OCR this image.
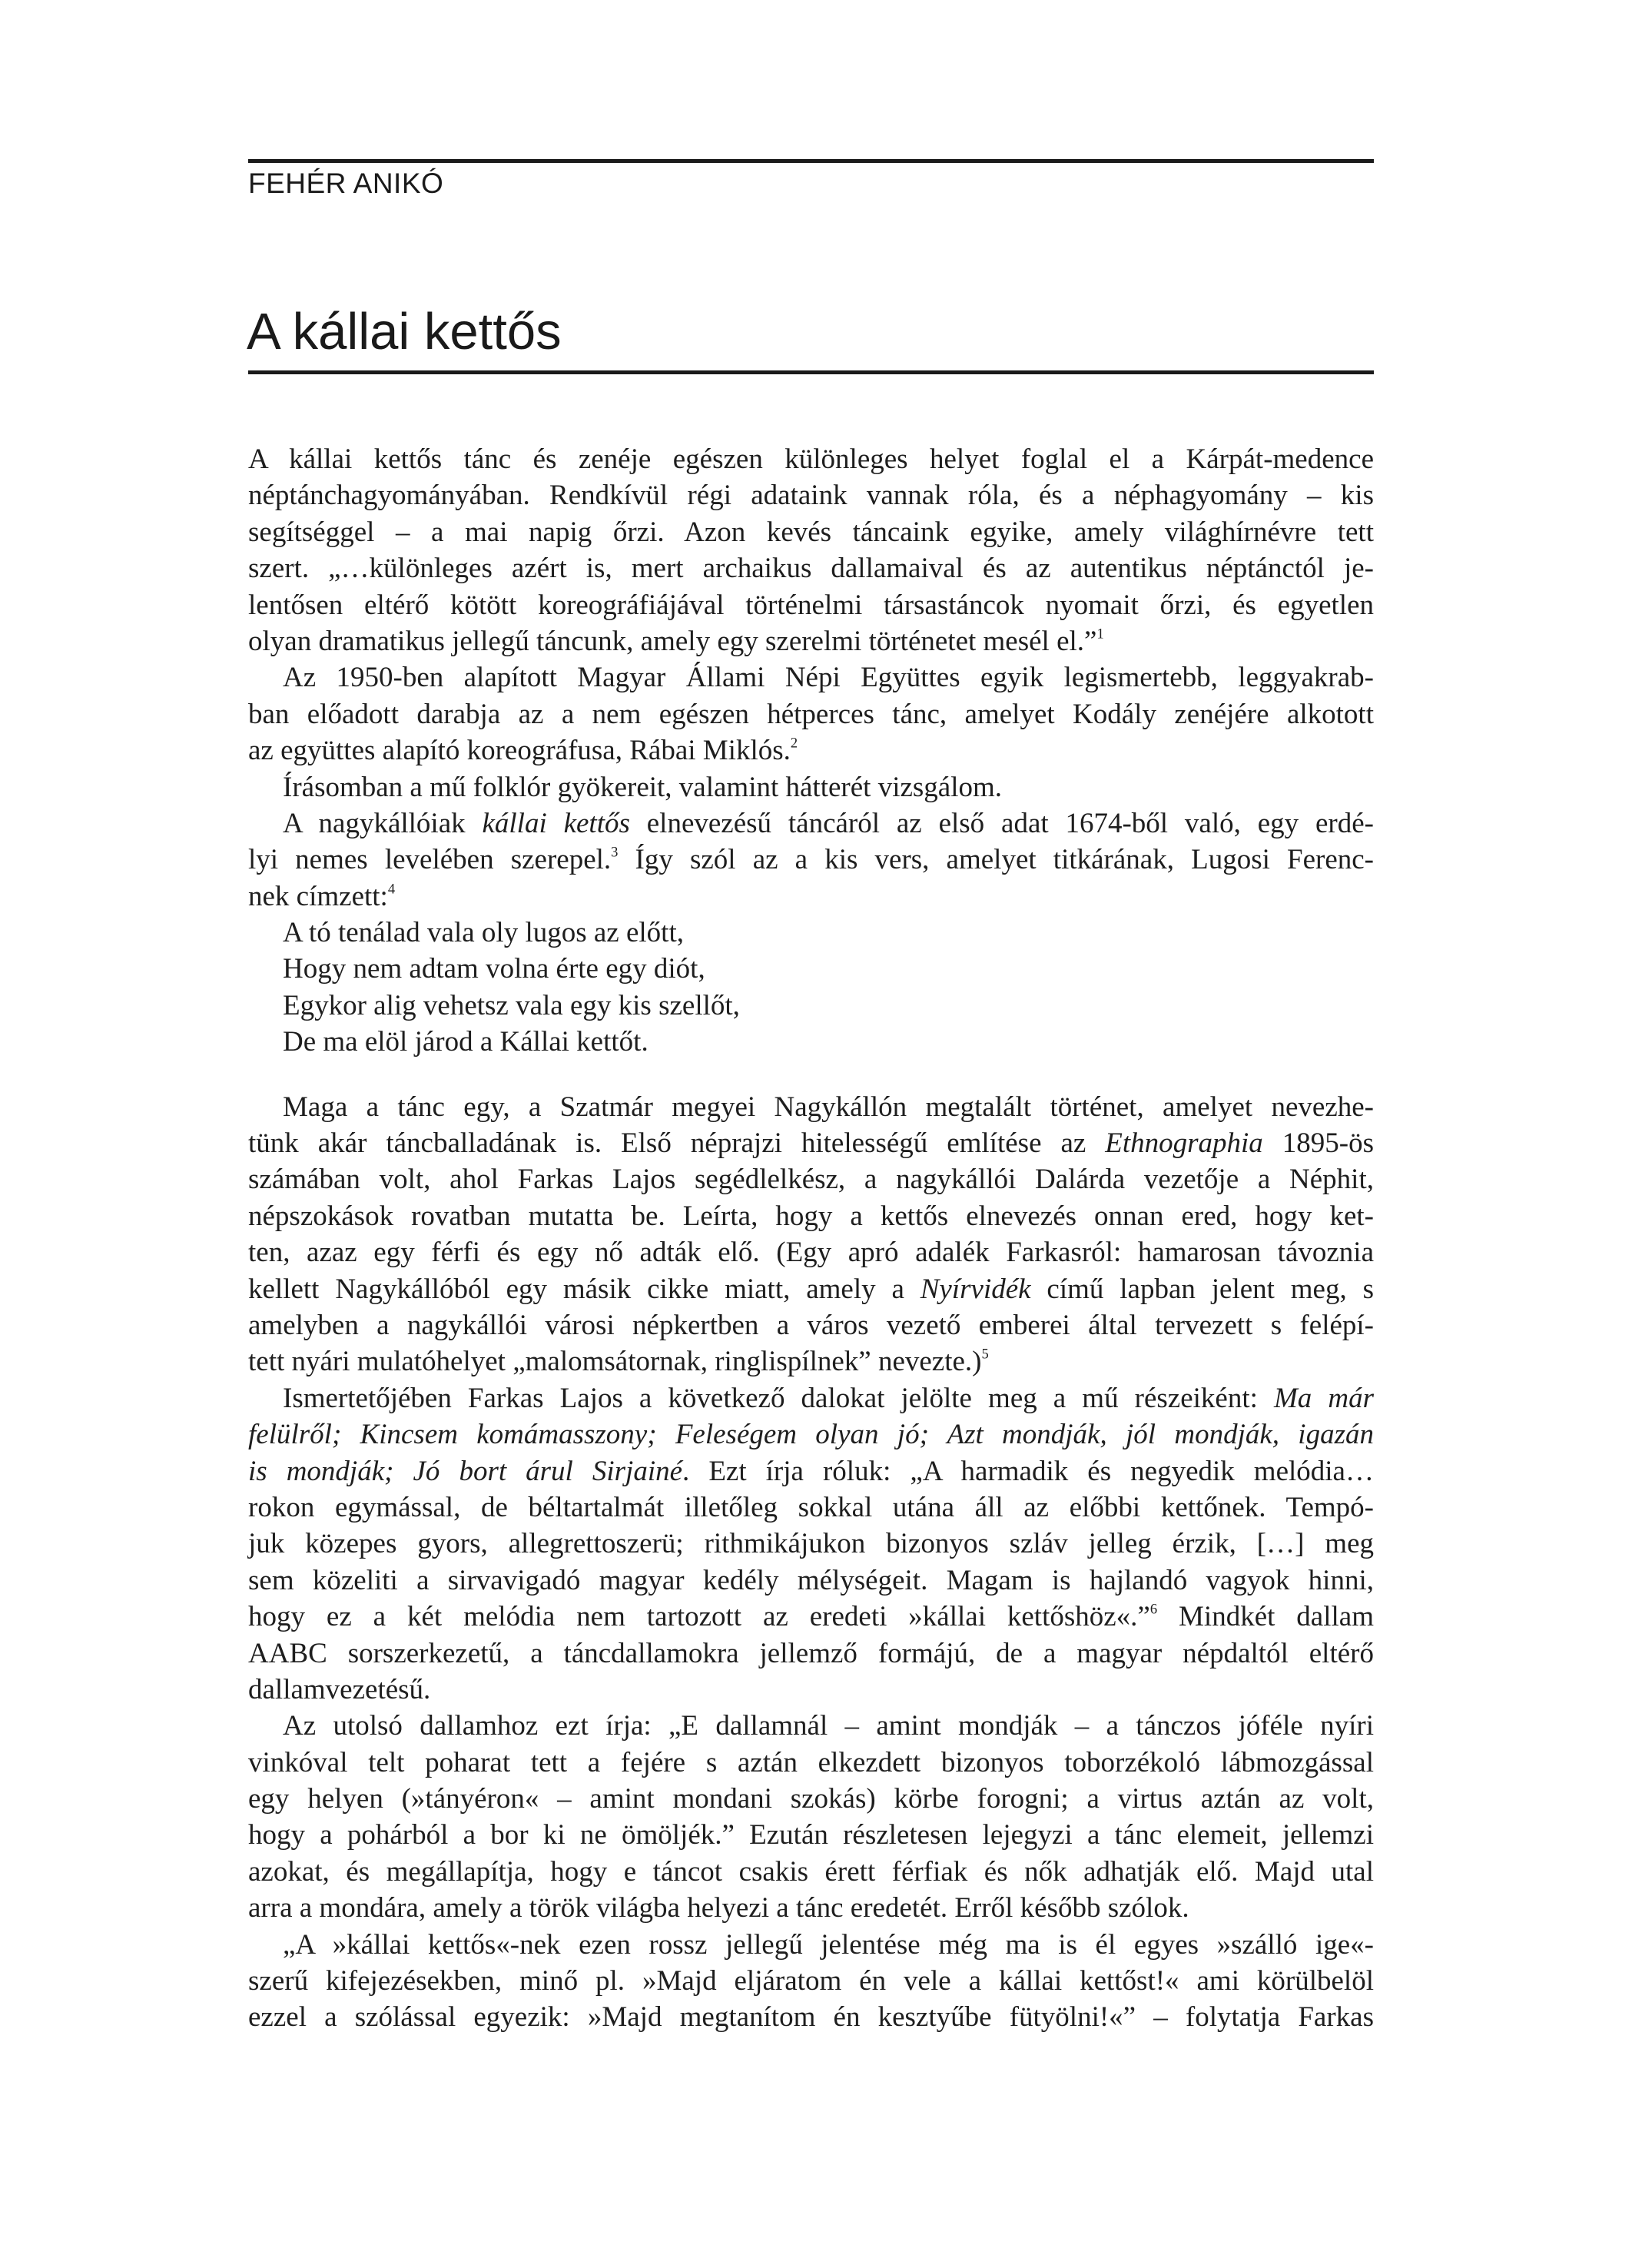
FEHÉR ANIKÓ
A kállai kettős
A kállai kettős tánc és zenéje egészen különleges helyet foglal el a Kárpát-medence
néptánchagyományában. Rendkívül régi adataink vannak róla, és a néphagyomány – kis
segítséggel – a mai napig őrzi. Azon kevés táncaink egyike, amely világhírnévre tett
szert. „…különleges azért is, mert archaikus dallamaival és az autentikus néptánctól je-
lentősen eltérő kötött koreográfiájával történelmi társastáncok nyomait őrzi, és egyetlen
olyan dramatikus jellegű táncunk, amely egy szerelmi történetet mesél el.”$^1$
Az 1950-ben alapított Magyar Állami Népi Együttes egyik legismertebb, leggyakrab-
ban előadott darabja az a nem egészen hétperces tánc, amelyet Kodály zenéjére alkotott
az együttes alapító koreográfusa, Rábai Miklós.$^2$
Írásomban a mű folklór gyökereit, valamint hátterét vizsgálom.
A nagykállóiak kállai kettős elnevezésű táncáról az első adat 1674-ből való, egy erdé-
lyi nemes levelében szerepel.$^3$ Így szól az a kis vers, amelyet titkárának, Lugosi Ferenc-
nek címzett:$^4$
A tó tenálad vala oly lugos az előtt,
Hogy nem adtam volna érte egy diót,
Egykor alig vehetsz vala egy kis szellőt,
De ma elöl járod a Kállai kettőt.
Maga a tánc egy, a Szatmár megyei Nagykállón megtalált történet, amelyet nevezhe-
tünk akár táncballadának is. Első néprajzi hitelességű említése az Ethnographia 1895-ös
számában volt, ahol Farkas Lajos segédlelkész, a nagykállói Dalárda vezetője a Néphit,
népszokások rovatban mutatta be. Leírta, hogy a kettős elnevezés onnan ered, hogy ket-
ten, azaz egy férfi és egy nő adták elő. (Egy apró adalék Farkasról: hamarosan távoznia
kellett Nagykállóból egy másik cikke miatt, amely a Nyírvidék című lapban jelent meg, s
amelyben a nagykállói városi népkertben a város vezető emberei által tervezett s felépí-
tett nyári mulatóhelyet „malomsátornak, ringlispílnek” nevezte.)$^5$
Ismertetőjében Farkas Lajos a következő dalokat jelölte meg a mű részeiként: Ma már
felülről; Kincsem komámasszony; Feleségem olyan jó; Azt mondják, jól mondják, igazán
is mondják; Jó bort árul Sirjainé. Ezt írja róluk: „A harmadik és negyedik melódia…
rokon egymással, de béltartalmát illetőleg sokkal utána áll az előbbi kettőnek. Tempó-
juk közepes gyors, allegrettoszerü; rithmikájukon bizonyos szláv jelleg érzik, […] meg
sem közeliti a sirvavigadó magyar kedély mélységeit. Magam is hajlandó vagyok hinni,
hogy ez a két melódia nem tartozott az eredeti »kállai kettőshöz«.”$^6$ Mindkét dallam
AABC sorszerkezetű, a táncdallamokra jellemző formájú, de a magyar népdaltól eltérő
dallamvezetésű.
Az utolsó dallamhoz ezt írja: „E dallamnál – amint mondják – a tánczos jóféle nyíri
vinkóval telt poharat tett a fejére s aztán elkezdett bizonyos toborzékoló lábmozgással
egy helyen (»tányéron« – amint mondani szokás) körbe forogni; a virtus aztán az volt,
hogy a pohárból a bor ki ne ömöljék.” Ezután részletesen lejegyzi a tánc elemeit, jellemzi
azokat, és megállapítja, hogy e táncot csakis érett férfiak és nők adhatják elő. Majd utal
arra a mondára, amely a török világba helyezi a tánc eredetét. Erről később szólok.
„A »kállai kettős«-nek ezen rossz jellegű jelentése még ma is él egyes »szálló ige«-
szerű kifejezésekben, minő pl. »Majd eljáratom én vele a kállai kettőst!« ami körülbelöl
ezzel a szólással egyezik: »Majd megtanítom én kesztyűbe fütyölni!«” – folytatja Farkas
